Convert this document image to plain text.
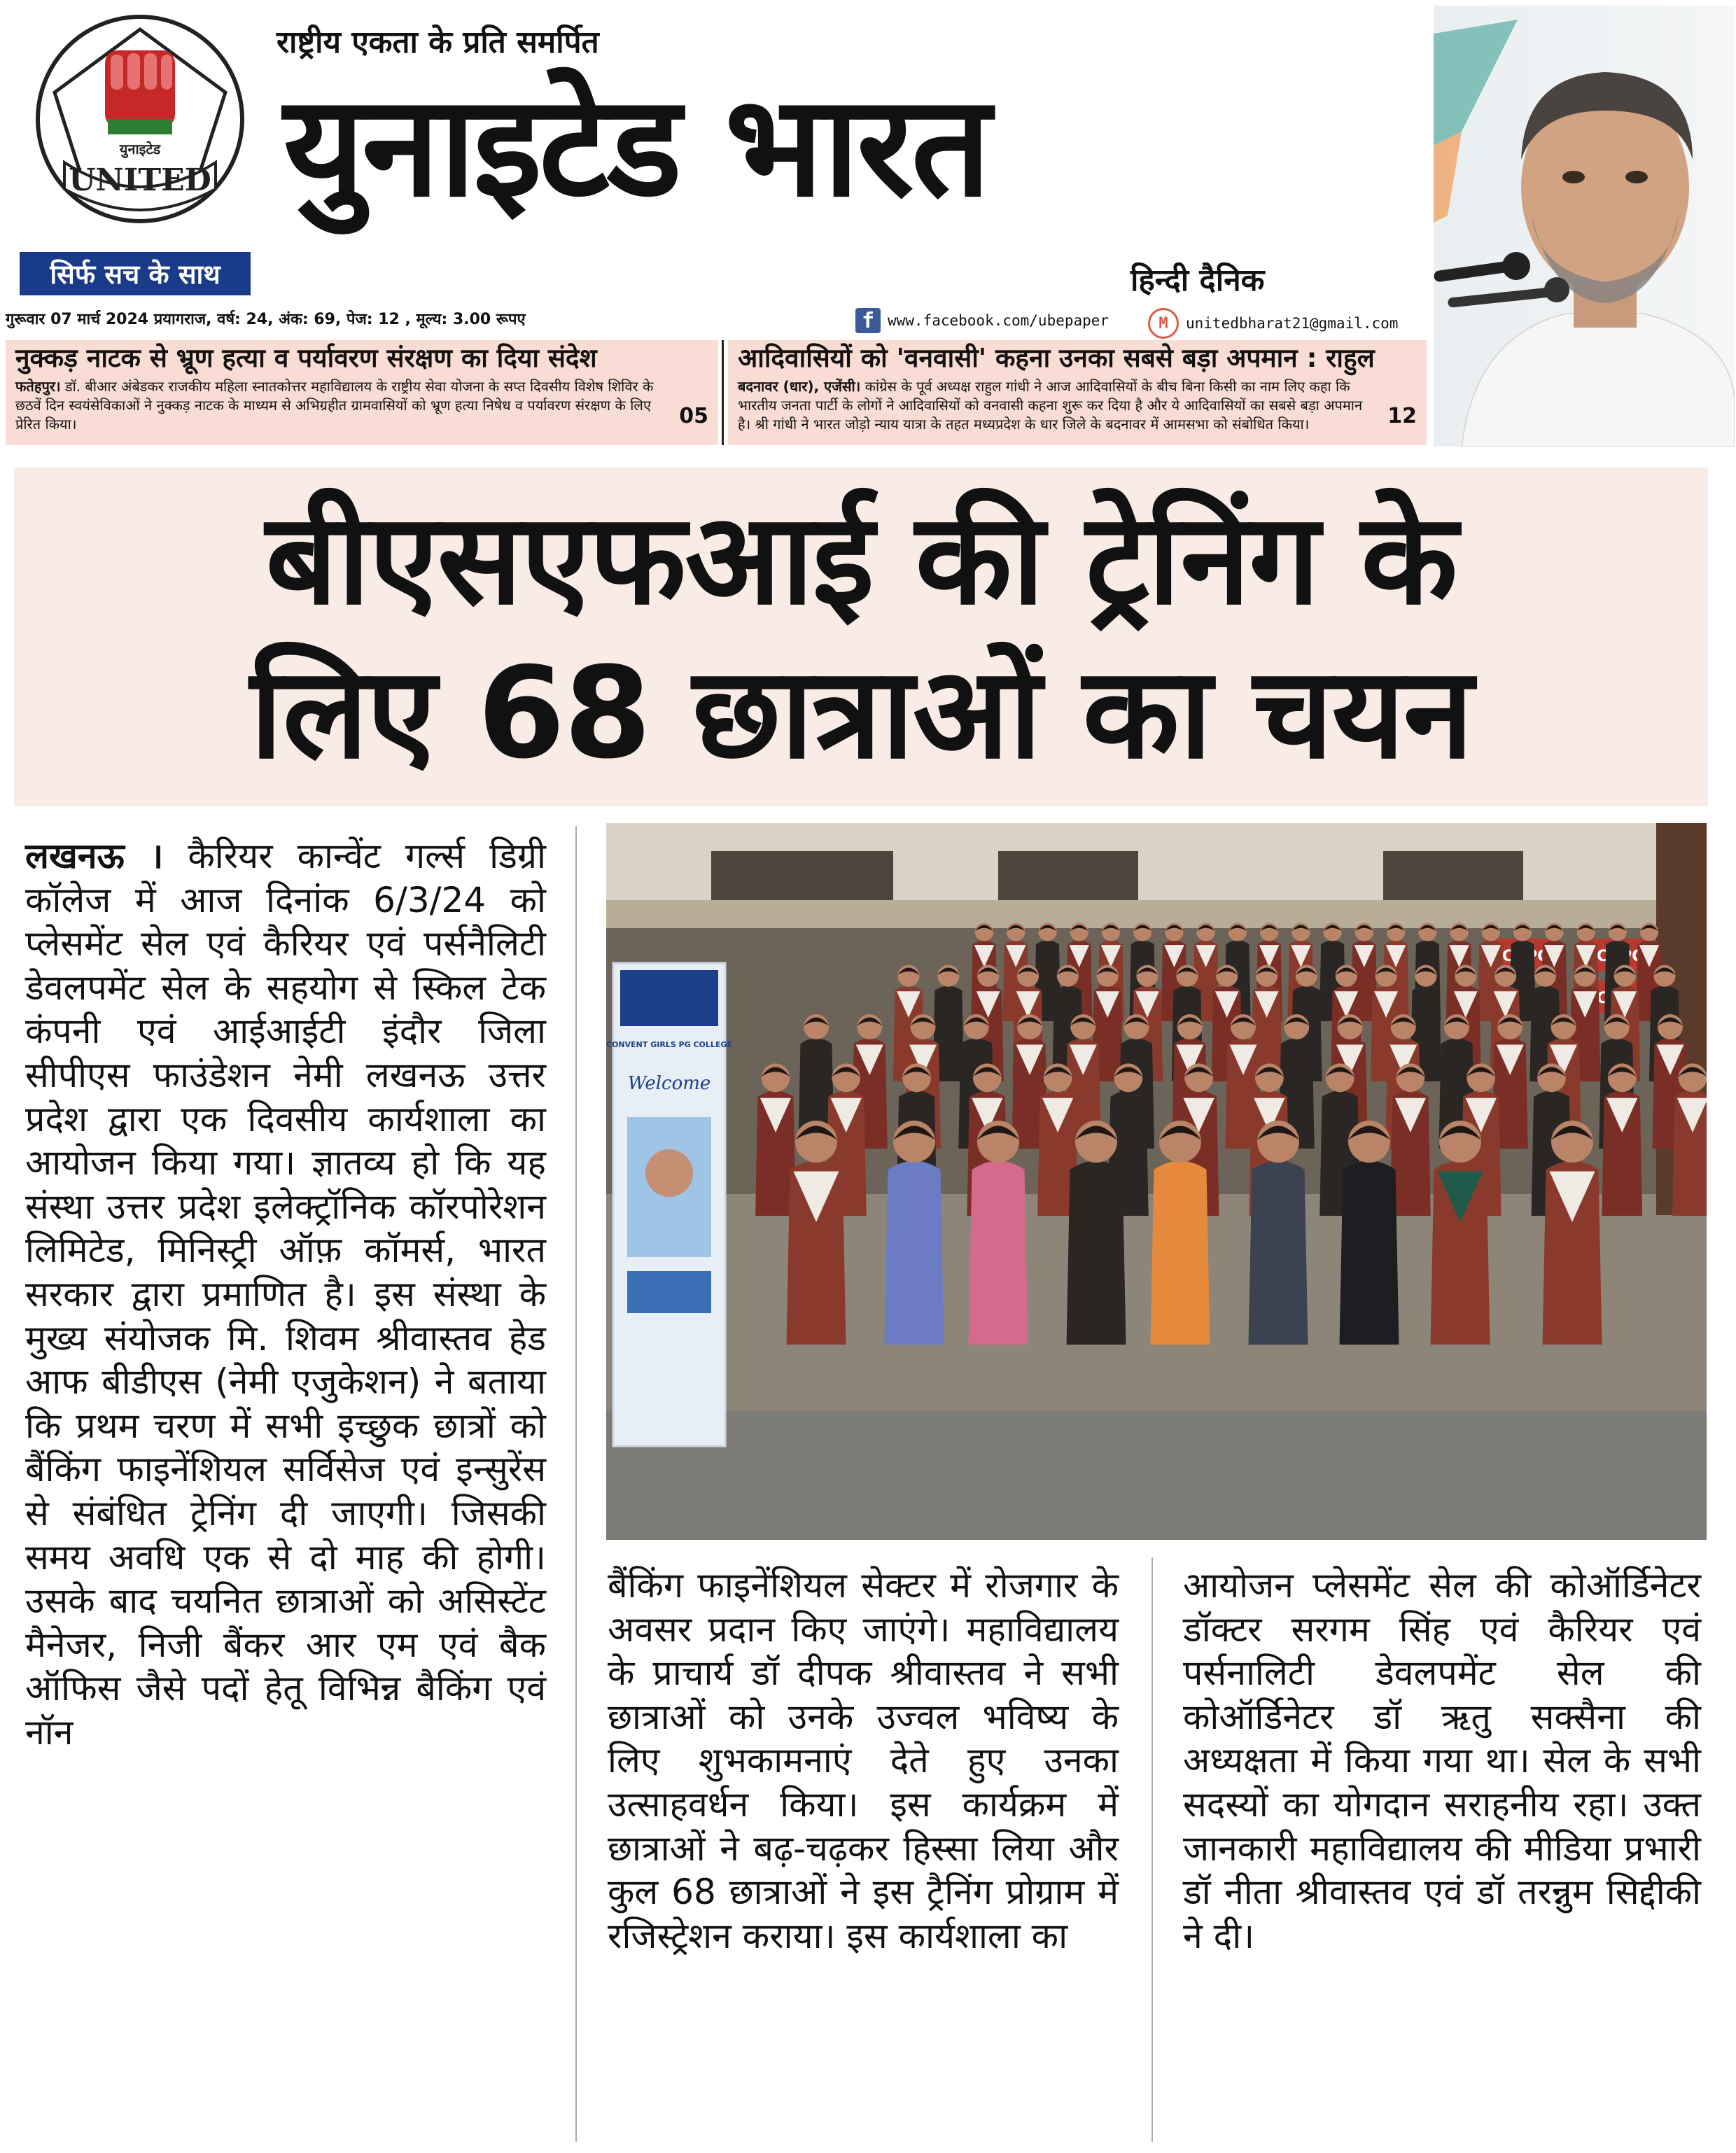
युनाइटेड
UNITED
राष्ट्रीय एकता के प्रति समर्पित
युनाइटेड भारत
हिन्दी दैनिक
सिर्फ सच के साथ
गुरूवार 07 मार्च 2024 प्रयागराज, वर्ष: 24, अंक: 69, पेज: 12 , मूल्य: 3.00 रूपए	f www.facebook.com/ubepaper	M	unitedbharat21@gmail.com
नुक्कड़ नाटक से भ्रूण हत्या व पर्यावरण संरक्षण का दिया संदेश

फतेहपुर। डॉ. बीआर अंबेडकर राजकीय महिला स्नातकोत्तर महाविद्यालय के राष्ट्रीय सेवा योजना के सप्त दिवसीय विशेष शिविर के छठवें दिन स्वयंसेविकाओं ने नुक्कड़ नाटक के माध्यम से अभिग्रहीत ग्रामवासियों को भ्रूण हत्या निषेध व पर्यावरण संरक्षण के लिए प्रेरित किया।	05
आदिवासियों को 'वनवासी' कहना उनका सबसे बड़ा अपमान : राहुल

बदनावर (धार), एजेंसी। कांग्रेस के पूर्व अध्यक्ष राहुल गांधी ने आज आदिवासियों के बीच बिना किसी का नाम लिए कहा कि भारतीय जनता पार्टी के लोगों ने आदिवासियों को वनवासी कहना शुरू कर दिया है और ये आदिवासियों का सबसे बड़ा अपमान है। श्री गांधी ने भारत जोड़ो न्याय यात्रा के तहत मध्यप्रदेश के धार जिले के बदनावर में आमसभा को संबोधित किया।	12
बीएसएफआई की ट्रेनिंग के
लिए 68 छात्राओं का चयन

लखनऊ । कैरियर कान्वेंट गर्ल्स डिग्री कॉलेज में आज दिनांक 6/3/24 को प्लेसमेंट सेल एवं कैरियर एवं पर्सनैलिटी डेवलपमेंट सेल के सहयोग से स्किल टेक कंपनी एवं आईआईटी इंदौर जिला सीपीएस फाउंडेशन नेमी लखनऊ उत्तर प्रदेश द्वारा एक दिवसीय कार्यशाला का आयोजन किया गया। ज्ञातव्य हो कि यह संस्था उत्तर प्रदेश इलेक्ट्रॉनिक कॉरपोरेशन लिमिटेड, मिनिस्ट्री ऑफ़ कॉमर्स, भारत सरकार द्वारा प्रमाणित है। इस संस्था के मुख्य संयोजक मि. शिवम श्रीवास्तव हेड आफ बीडीएस (नेमी एजुकेशन) ने बताया कि प्रथम चरण में सभी इच्छुक छात्रों को बैंकिंग फाइनेंशियल सर्विसेज एवं इन्सुरेंस से संबंधित ट्रेनिंग दी जाएगी। जिसकी समय अवधि एक से दो माह की होगी। उसके बाद चयनित छात्राओं को असिस्टेंट मैनेजर, निजी बैंकर आर एम एवं बैक ऑफिस जैसे पदों हेतू विभिन्न बैकिंग एवं नॉन

CONVENT GIRLS PG COLLEGE
Welcome

बैंकिंग फाइनेंशियल सेक्टर में रोजगार के अवसर प्रदान किए जाएंगे। महाविद्यालय के प्राचार्य डॉ दीपक श्रीवास्तव ने सभी छात्राओं को उनके उज्वल भविष्य के लिए शुभकामनाएं देते हुए उनका उत्साहवर्धन किया। इस कार्यक्रम में छात्राओं ने बढ़-चढ़कर हिस्सा लिया और कुल 68 छात्राओं ने इस ट्रैनिंग प्रोग्राम में रजिस्ट्रेशन कराया। इस कार्यशाला का

आयोजन प्लेसमेंट सेल की कोऑर्डिनेटर डॉक्टर सरगम सिंह एवं कैरियर एवं पर्सनालिटी डेवलपमेंट सेल की कोऑर्डिनेटर डॉ ऋतु सक्सैना की अध्यक्षता में किया गया था। सेल के सभी सदस्यों का योगदान सराहनीय रहा। उक्त जानकारी महाविद्यालय की मीडिया प्रभारी डॉ नीता श्रीवास्तव एवं डॉ तरन्नुम सिद्दीकी ने दी।
